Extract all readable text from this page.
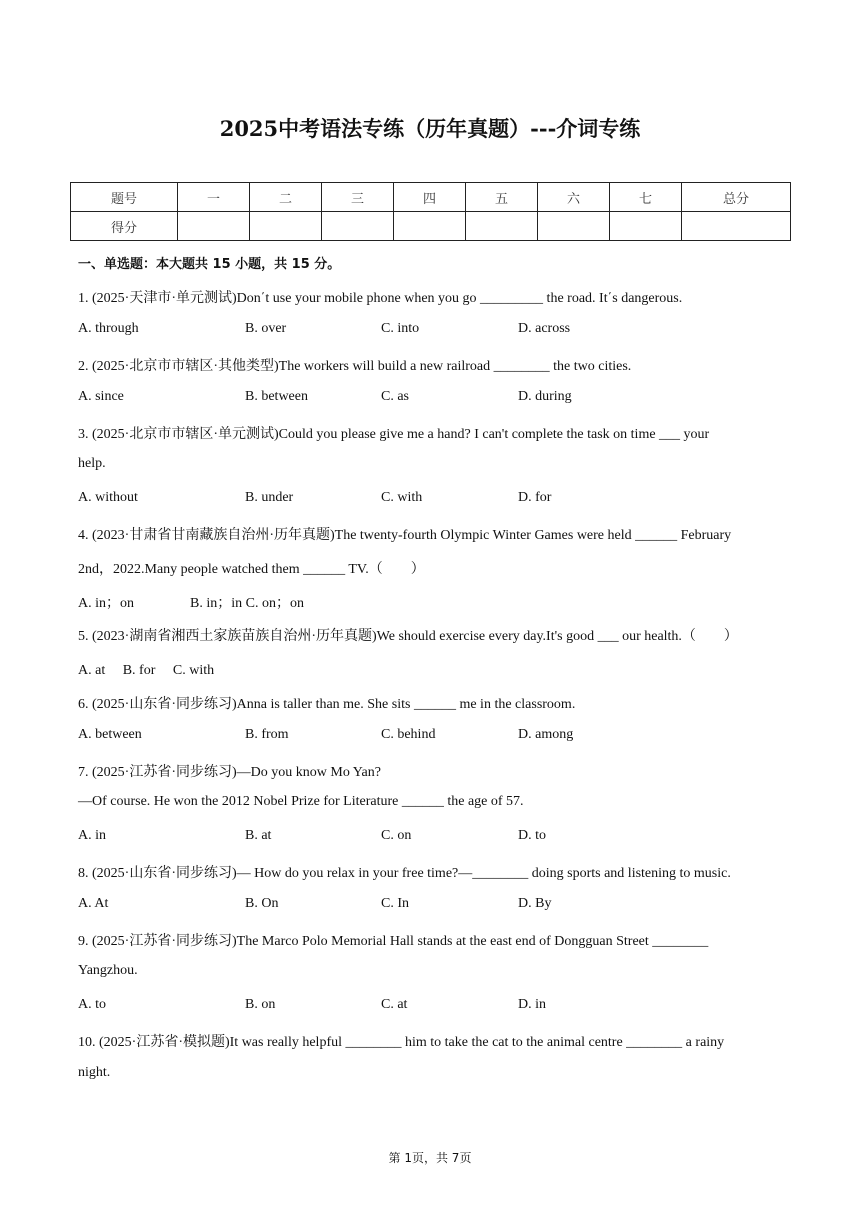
2025中考语法专练（历年真题）---介词专练
题号	一	二	三	四	五	六	七	总分
得分								
一、单选题：本大题共 15 小题，共 15 分。
1. (2025·天津市·单元测试)Don΄t use your mobile phone when you go _________ the road. It΄s dangerous.
A. through	B. over	C. into	D. across
2. (2025·北京市市辖区·其他类型)The workers will build a new railroad ________ the two cities.
A. since	B. between	C. as	D. during
3. (2025·北京市市辖区·单元测试)Could you please give me a hand? I can't complete the task on time ___ your
help.
A. without	B. under	C. with	D. for
4. (2023·甘肃省甘南藏族自治州·历年真题)The twenty-fourth Olympic Winter Games were held ______ February
2nd，2022.Many people watched them ______ TV.（　　）
A. in；on　　　　B. in；in C. on；on
5. (2023·湖南省湘西土家族苗族自治州·历年真题)We should exercise every day.It's good ___ our health.（　　）
A. at　 B. for　 C. with
6. (2025·山东省·同步练习)Anna is taller than me. She sits ______ me in the classroom.
A. between	B. from	C. behind	D. among
7. (2025·江苏省·同步练习)—Do you know Mo Yan?
—Of course. He won the 2012 Nobel Prize for Literature ______ the age of 57.
A. in	B. at	C. on	D. to
8. (2025·山东省·同步练习)— How do you relax in your free time?—________ doing sports and listening to music.
A. At	B. On	C. In	D. By
9. (2025·江苏省·同步练习)The Marco Polo Memorial Hall stands at the east end of Dongguan Street ________
Yangzhou.
A. to	B. on	C. at	D. in
10. (2025·江苏省·模拟题)It was really helpful ________ him to take the cat to the animal centre ________ a rainy
night.
第 1页，共 7页
